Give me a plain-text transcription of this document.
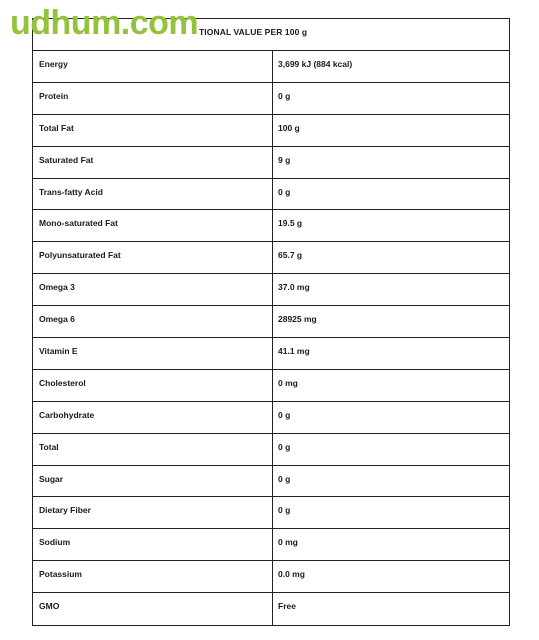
udhum.com TIONAL VALUE PER 100 g
Energy	3,699 kJ (884 kcal)
Protein	0 g
Total Fat	100 g
Saturated Fat	9 g
Trans-fatty Acid	0 g
Mono-saturated Fat	19.5 g
Polyunsaturated Fat	65.7 g
Omega 3	37.0 mg
Omega 6	28925 mg
Vitamin E	41.1 mg
Cholesterol	0 mg
Carbohydrate	0 g
Total	0 g
Sugar	0 g
Dietary Fiber	0 g
Sodium	0 mg
Potassium	0.0 mg
GMO	Free
